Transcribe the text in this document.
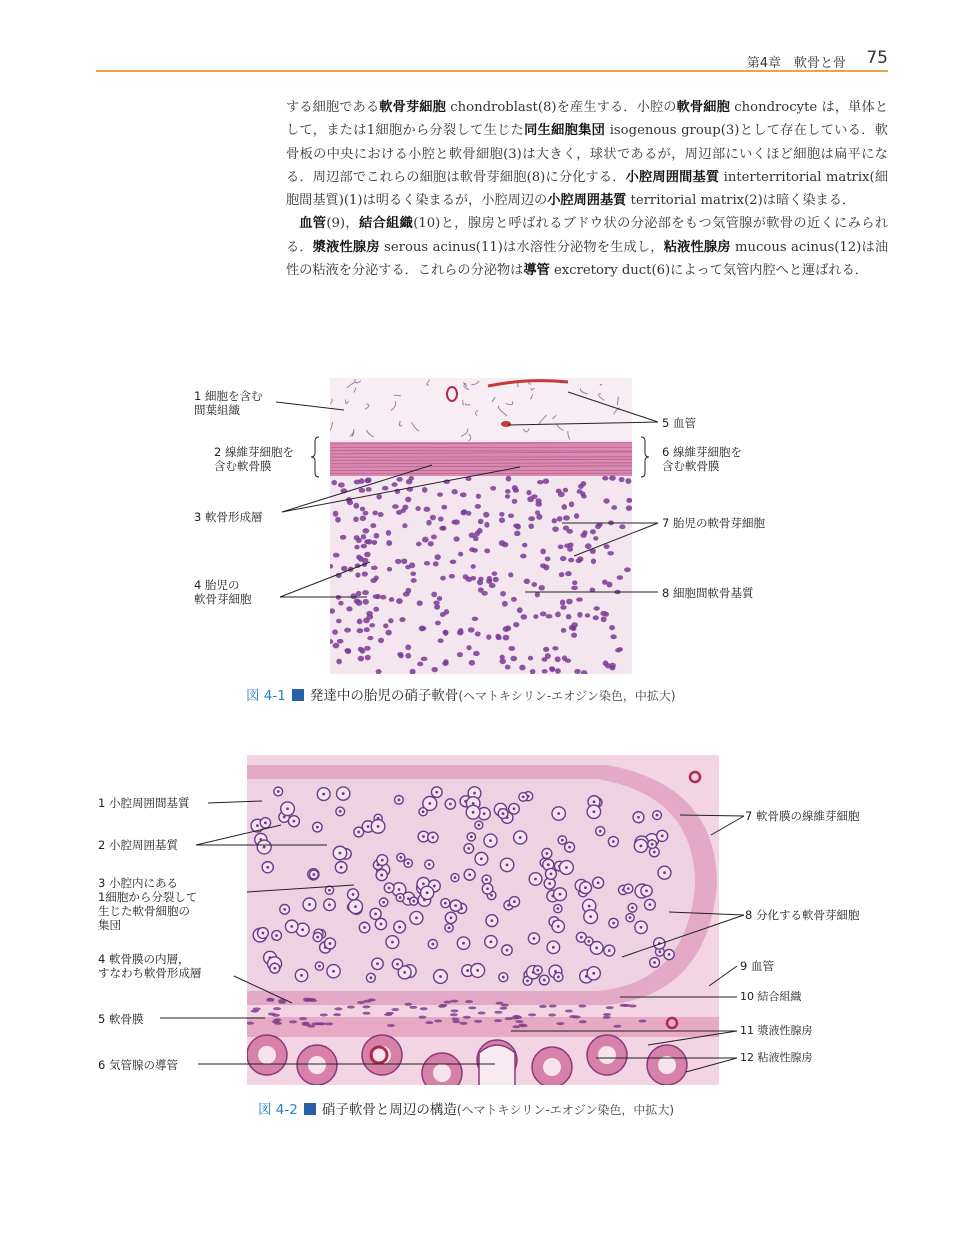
第4章　軟骨と骨 75

する細胞である軟骨芽細胞 chondroblast(8)を産生する．小腔の軟骨細胞 chondrocyte は，単体として，または1細胞から分裂して生じた同生細胞集団 isogenous group(3)として存在している．軟骨板の中央における小腔と軟骨細胞(3)は大きく，球状であるが，周辺部にいくほど細胞は扁平になる．周辺部でこれらの細胞は軟骨芽細胞(8)に分化する．小腔周囲間基質 interterritorial matrix(細胞間基質)(1)は明るく染まるが，小腔周辺の小腔周囲基質 territorial matrix(2)は暗く染まる．

血管(9)，結合組織(10)と，腺房と呼ばれるブドウ状の分泌部をもつ気管腺が軟骨の近くにみられる．漿液性腺房 serous acinus(11)は水溶性分泌物を生成し，粘液性腺房 mucous acinus(12)は油性の粘液を分泌する．これらの分泌物は導管 excretory duct(6)によって気管内腔へと運ばれる．

1 細胞を含む
間葉組織
2 線維芽細胞を
含む軟骨膜
3 軟骨形成層
4 胎児の
軟骨芽細胞
5 血管
6 線維芽細胞を
含む軟骨膜
7 胎児の軟骨芽細胞
8 細胞間軟骨基質
図 4-1 発達中の胎児の硝子軟骨(ヘマトキシリン-エオジン染色，中拡大)
1 小腔周囲間基質
2 小腔周囲基質
3 小腔内にある
1細胞から分裂して
生じた軟骨細胞の
集団
4 軟骨膜の内層，
すなわち軟骨形成層
5 軟骨膜
6 気管腺の導管
7 軟骨膜の線維芽細胞
8 分化する軟骨芽細胞
9 血管
10 結合組織
11 漿液性腺房
12 粘液性腺房
図 4-2 硝子軟骨と周辺の構造(ヘマトキシリン-エオジン染色，中拡大)
